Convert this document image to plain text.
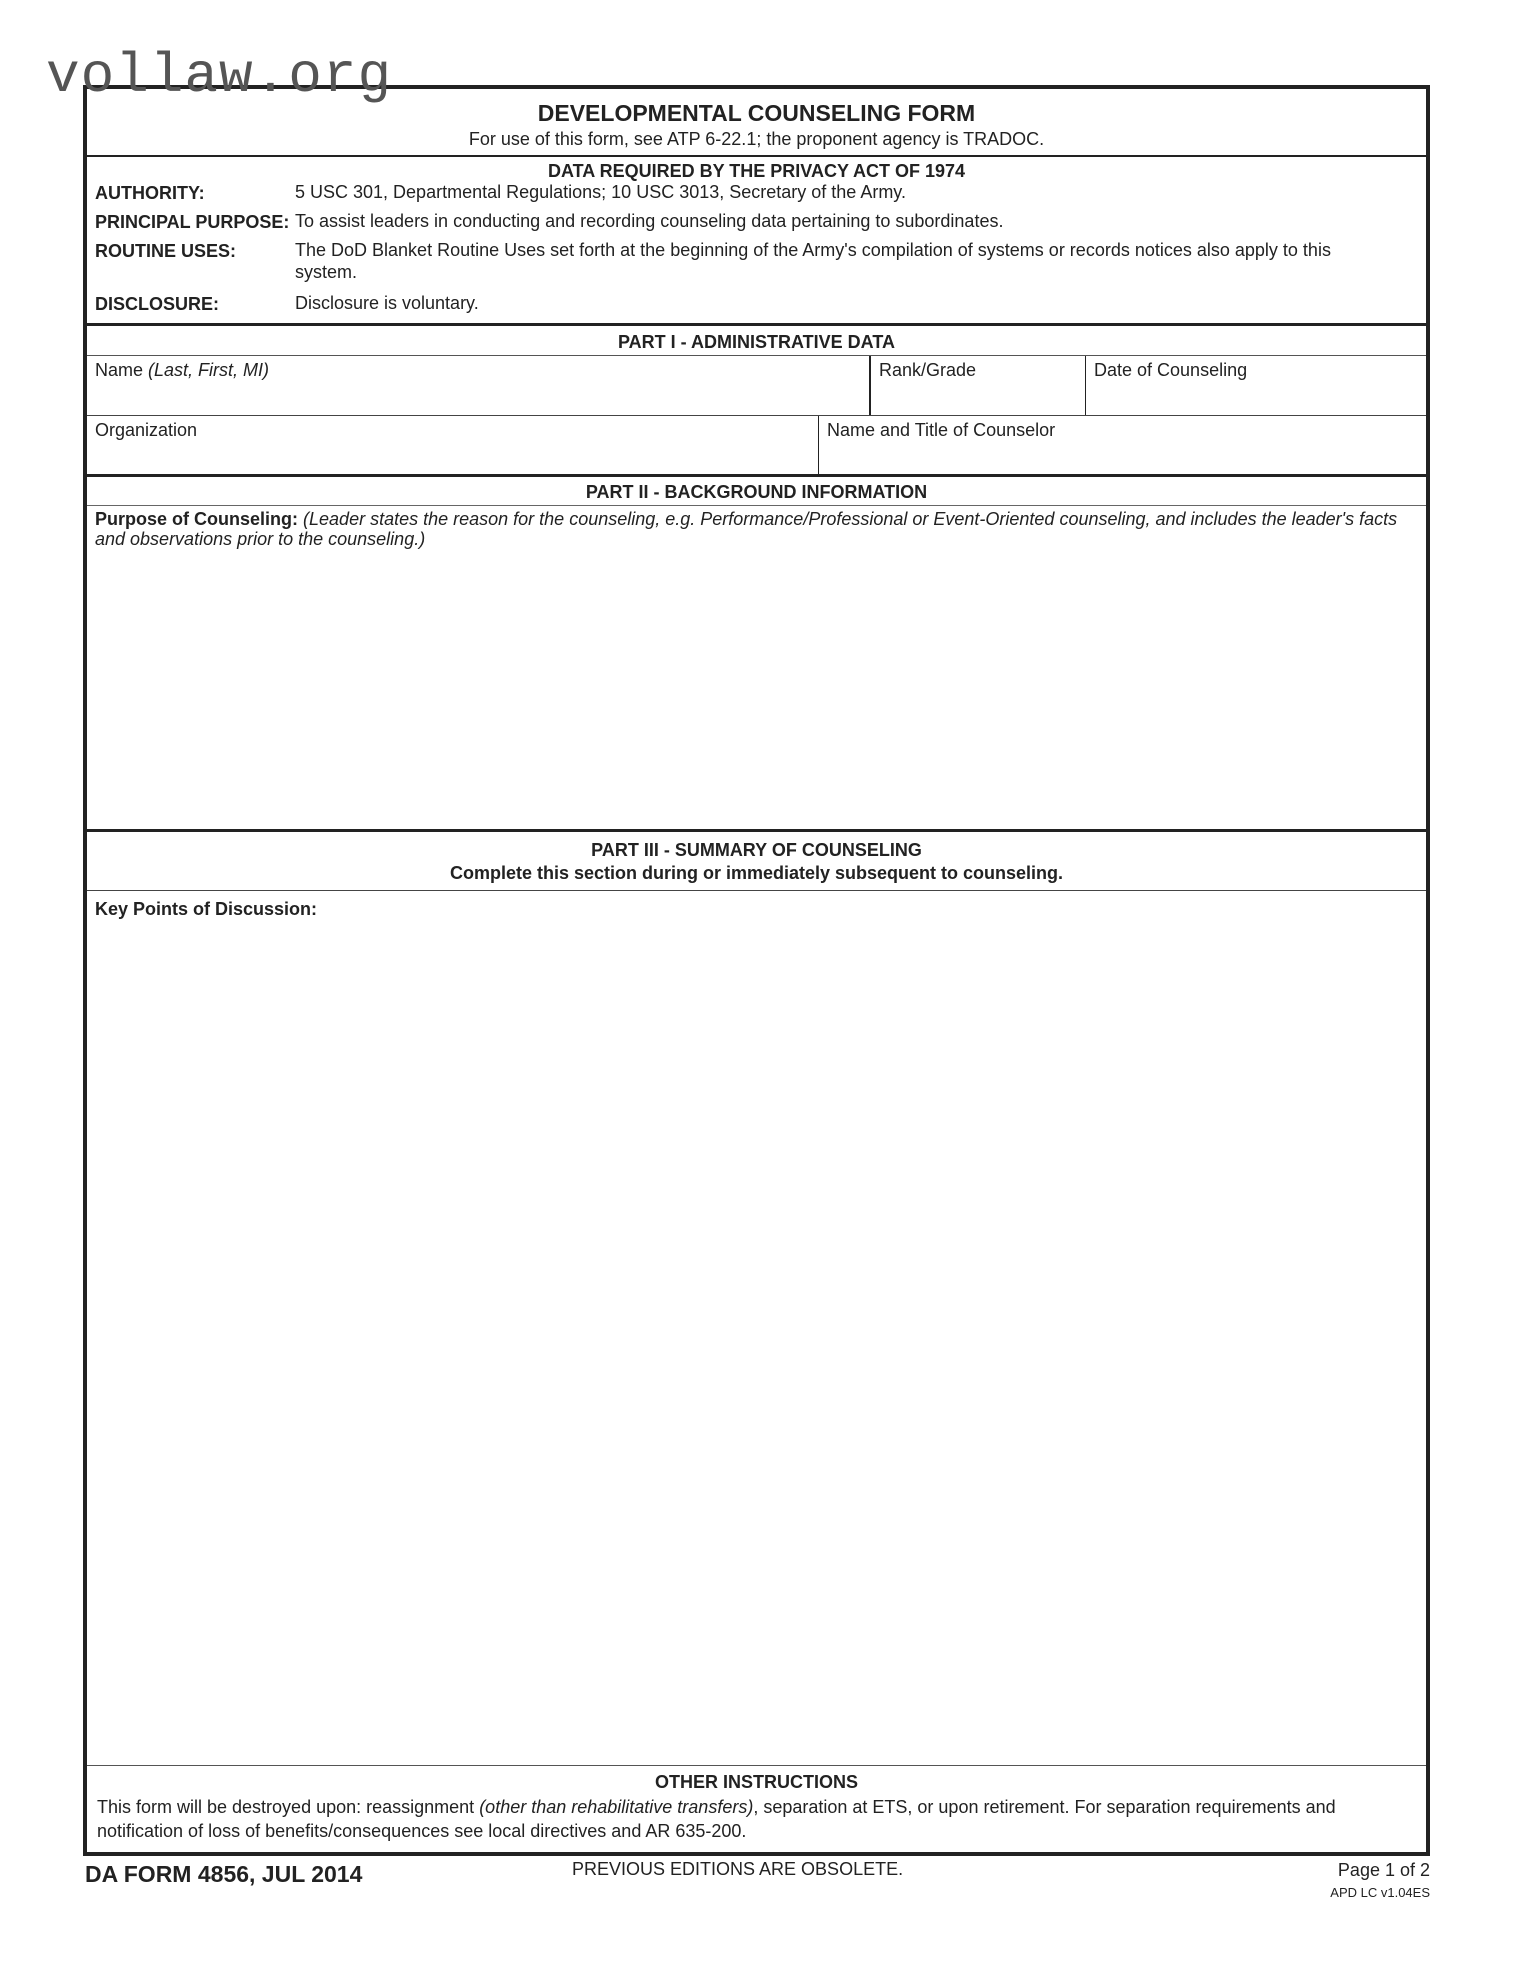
vollaw.org
DEVELOPMENTAL COUNSELING FORM
For use of this form, see ATP 6-22.1; the proponent agency is TRADOC.
DATA REQUIRED BY THE PRIVACY ACT OF 1974
AUTHORITY:	5 USC 301, Departmental Regulations; 10 USC 3013, Secretary of the Army.
PRINCIPAL PURPOSE: To assist leaders in conducting and recording counseling data pertaining to subordinates.
ROUTINE USES:	The DoD Blanket Routine Uses set forth at the beginning of the Army's compilation of systems or records notices also apply to this system.
DISCLOSURE:	Disclosure is voluntary.
PART I - ADMINISTRATIVE DATA
Name (Last, First, MI)	Rank/Grade	Date of Counseling
Organization	Name and Title of Counselor
PART II - BACKGROUND INFORMATION
Purpose of Counseling: (Leader states the reason for the counseling, e.g. Performance/Professional or Event-Oriented counseling, and includes the leader's facts and observations prior to the counseling.)
PART III - SUMMARY OF COUNSELING
Complete this section during or immediately subsequent to counseling.
Key Points of Discussion:
OTHER INSTRUCTIONS
This form will be destroyed upon: reassignment (other than rehabilitative transfers), separation at ETS, or upon retirement. For separation requirements and notification of loss of benefits/consequences see local directives and AR 635-200.
DA FORM 4856, JUL 2014	PREVIOUS EDITIONS ARE OBSOLETE.	Page 1 of 2
APD LC v1.04ES
